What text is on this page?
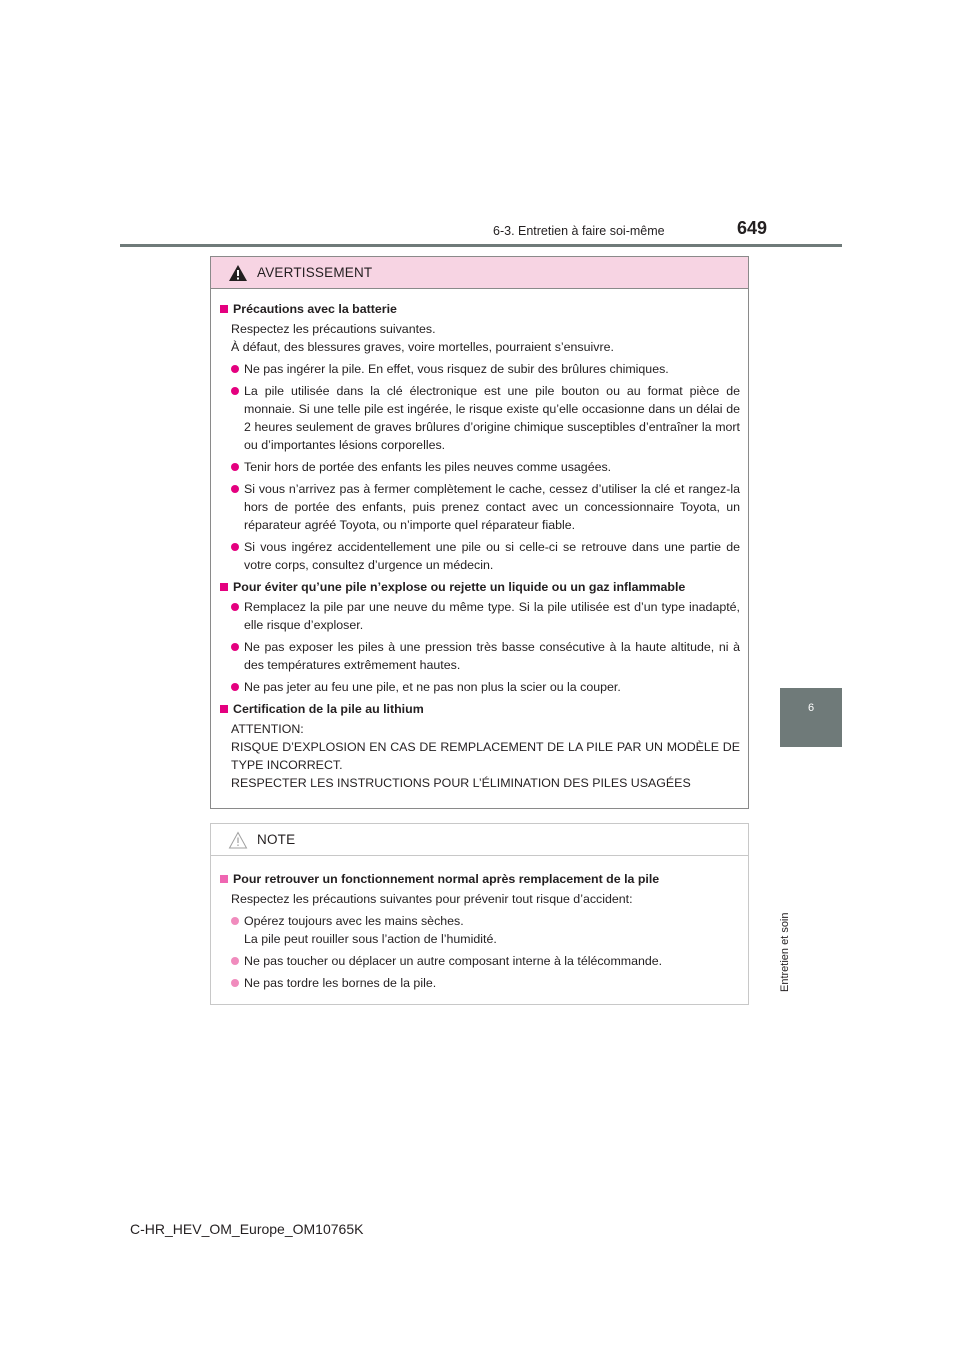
6-3. Entretien à faire soi-même	649
6
Entretien et soin
AVERTISSEMENT
Précautions avec la batterie
Respectez les précautions suivantes.
À défaut, des blessures graves, voire mortelles, pourraient s’ensuivre.
Ne pas ingérer la pile. En effet, vous risquez de subir des brûlures chimiques.
La pile utilisée dans la clé électronique est une pile bouton ou au format pièce de monnaie. Si une telle pile est ingérée, le risque existe qu’elle occasionne dans un délai de 2 heures seulement de graves brûlures d’origine chimique susceptibles d’entraîner la mort ou d’importantes lésions corporelles.
Tenir hors de portée des enfants les piles neuves comme usagées.
Si vous n’arrivez pas à fermer complètement le cache, cessez d’utiliser la clé et rangez-la hors de portée des enfants, puis prenez contact avec un concessionnaire Toyota, un réparateur agréé Toyota, ou n’importe quel réparateur fiable.
Si vous ingérez accidentellement une pile ou si celle-ci se retrouve dans une partie de votre corps, consultez d’urgence un médecin.
Pour éviter qu’une pile n’explose ou rejette un liquide ou un gaz inflammable
Remplacez la pile par une neuve du même type. Si la pile utilisée est d’un type inadapté, elle risque d’exploser.
Ne pas exposer les piles à une pression très basse consécutive à la haute altitude, ni à des températures extrêmement hautes.
Ne pas jeter au feu une pile, et ne pas non plus la scier ou la couper.
Certification de la pile au lithium
ATTENTION:
RISQUE D’EXPLOSION EN CAS DE REMPLACEMENT DE LA PILE PAR UN MODÈLE DE TYPE INCORRECT.
RESPECTER LES INSTRUCTIONS POUR L’ÉLIMINATION DES PILES USAGÉES
NOTE
Pour retrouver un fonctionnement normal après remplacement de la pile
Respectez les précautions suivantes pour prévenir tout risque d’accident:
Opérez toujours avec les mains sèches.
La pile peut rouiller sous l’action de l’humidité.
Ne pas toucher ou déplacer un autre composant interne à la télécommande.
Ne pas tordre les bornes de la pile.
C-HR_HEV_OM_Europe_OM10765K
